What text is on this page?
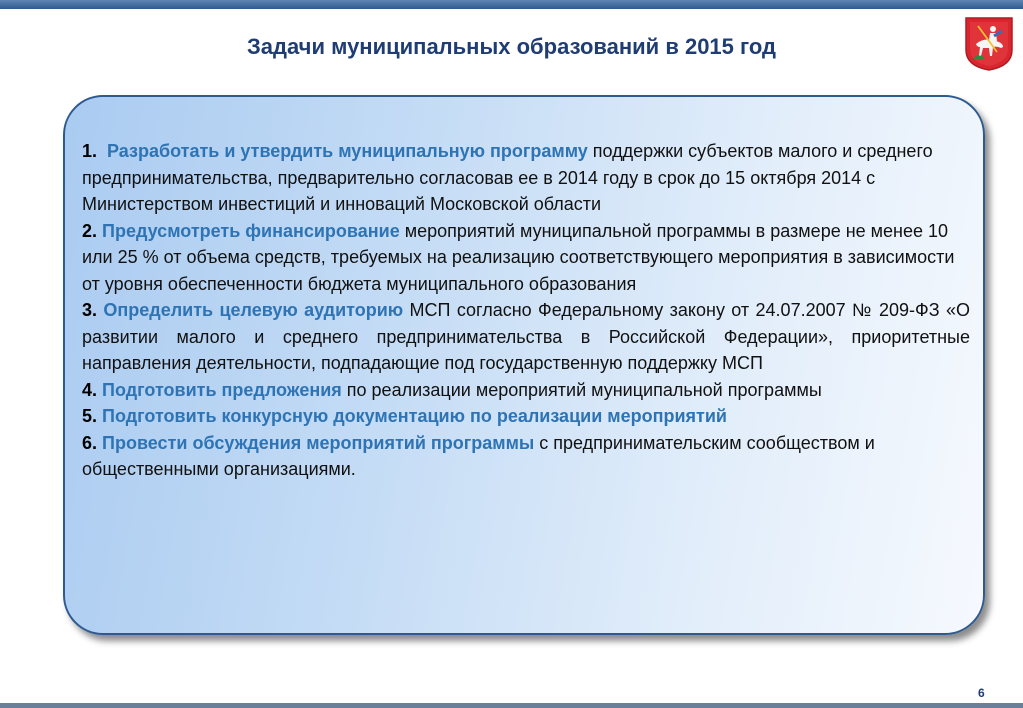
Задачи муниципальных образований в 2015 год

1. Разработать и утвердить муниципальную программу поддержки субъектов малого и среднего предпринимательства, предварительно согласовав ее в 2014 году в срок до 15 октября 2014 с Министерством инвестиций и инноваций Московской области

2. Предусмотреть финансирование мероприятий муниципальной программы в размере не менее 10 или 25 % от объема средств, требуемых на реализацию соответствующего мероприятия в зависимости от уровня обеспеченности бюджета муниципального образования

3. Определить целевую аудиторию МСП согласно Федеральному закону от 24.07.2007 № 209-ФЗ «О развитии малого и среднего предпринимательства в Российской Федерации», приоритетные направления деятельности, подпадающие под государственную поддержку МСП

4. Подготовить предложения по реализации мероприятий муниципальной программы

5. Подготовить конкурсную документацию по реализации мероприятий

6. Провести обсуждения мероприятий программы с предпринимательским сообществом и общественными организациями.

6
